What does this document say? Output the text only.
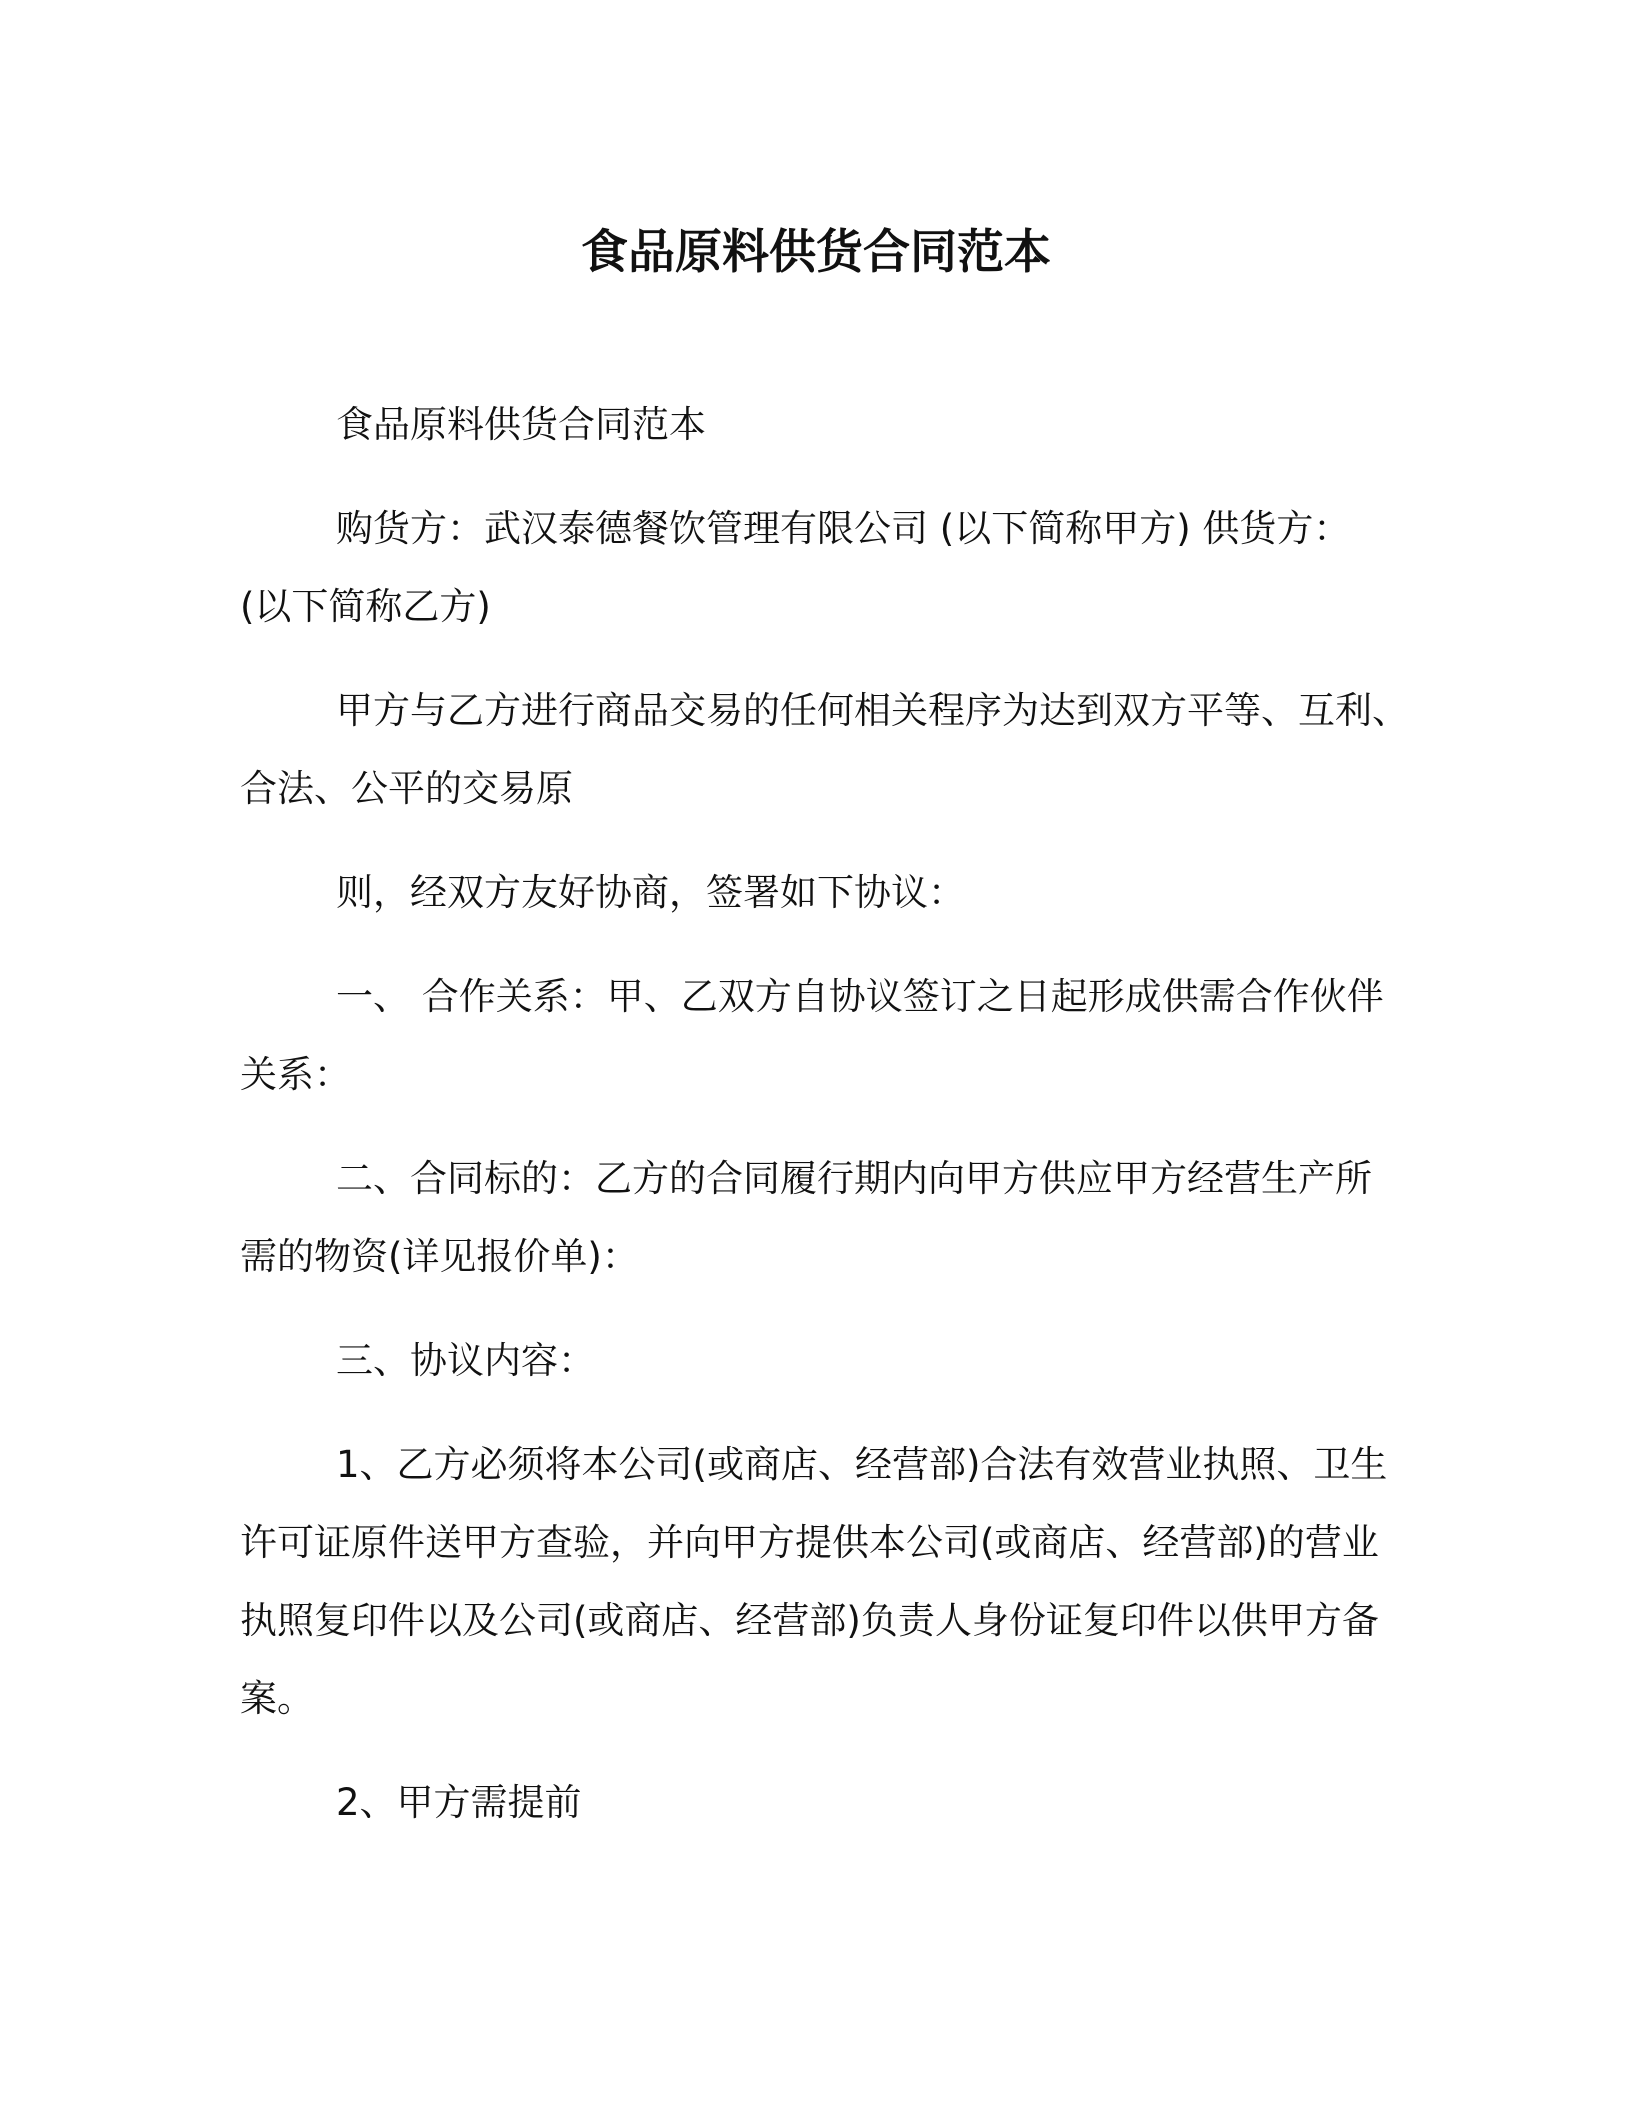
食品原料供货合同范本

食品原料供货合同范本

购货方：武汉泰德餐饮管理有限公司 (以下简称甲方) 供货方：
(以下简称乙方)

甲方与乙方进行商品交易的任何相关程序为达到双方平等、互利、
合法、公平的交易原

则，经双方友好协商，签署如下协议：

一、 合作关系：甲、乙双方自协议签订之日起形成供需合作伙伴
关系：

二、合同标的：乙方的合同履行期内向甲方供应甲方经营生产所
需的物资(详见报价单)：

三、协议内容：

1、乙方必须将本公司(或商店、经营部)合法有效营业执照、卫生
许可证原件送甲方查验，并向甲方提供本公司(或商店、经营部)的营业
执照复印件以及公司(或商店、经营部)负责人身份证复印件以供甲方备
案。

2、甲方需提前
